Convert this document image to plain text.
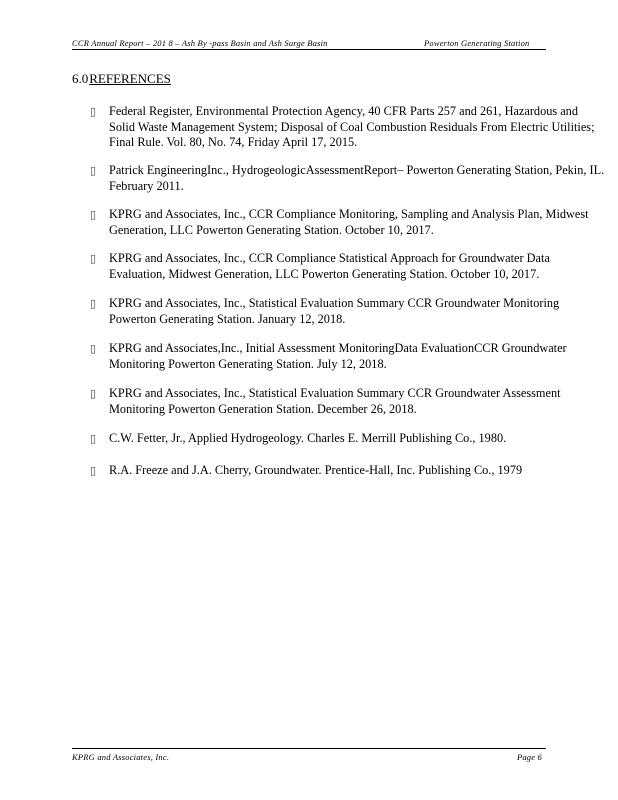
CCR Annual Report – 201 8 – Ash By -pass Basin and Ash Surge Basin	Powerton Generating Station
6.0REFERENCES
▯	Federal Register, Environmental Protection Agency, 40 CFR Parts 257 and 261, Hazardous and Solid Waste Management System; Disposal of Coal Combustion Residuals From Electric Utilities; Final Rule. Vol. 80, No. 74, Friday April 17, 2015.
▯	Patrick EngineeringInc., HydrogeologicAssessmentReport– Powerton Generating Station, Pekin, IL. February 2011.
▯	KPRG and Associates, Inc., CCR Compliance Monitoring, Sampling and Analysis Plan, Midwest Generation, LLC Powerton Generating Station. October 10, 2017.
▯	KPRG and Associates, Inc., CCR Compliance Statistical Approach for Groundwater Data Evaluation, Midwest Generation, LLC Powerton Generating Station. October 10, 2017.
▯	KPRG and Associates, Inc., Statistical Evaluation Summary CCR Groundwater Monitoring Powerton Generating Station. January 12, 2018.
▯	KPRG and Associates,Inc., Initial Assessment MonitoringData EvaluationCCR Groundwater Monitoring Powerton Generating Station. July 12, 2018.
▯	KPRG and Associates, Inc., Statistical Evaluation Summary CCR Groundwater Assessment Monitoring Powerton Generation Station. December 26, 2018.
▯	C.W. Fetter, Jr., Applied Hydrogeology. Charles E. Merrill Publishing Co., 1980.
▯	R.A. Freeze and J.A. Cherry, Groundwater. Prentice-Hall, Inc. Publishing Co., 1979
KPRG and Associates, Inc.	Page 6
